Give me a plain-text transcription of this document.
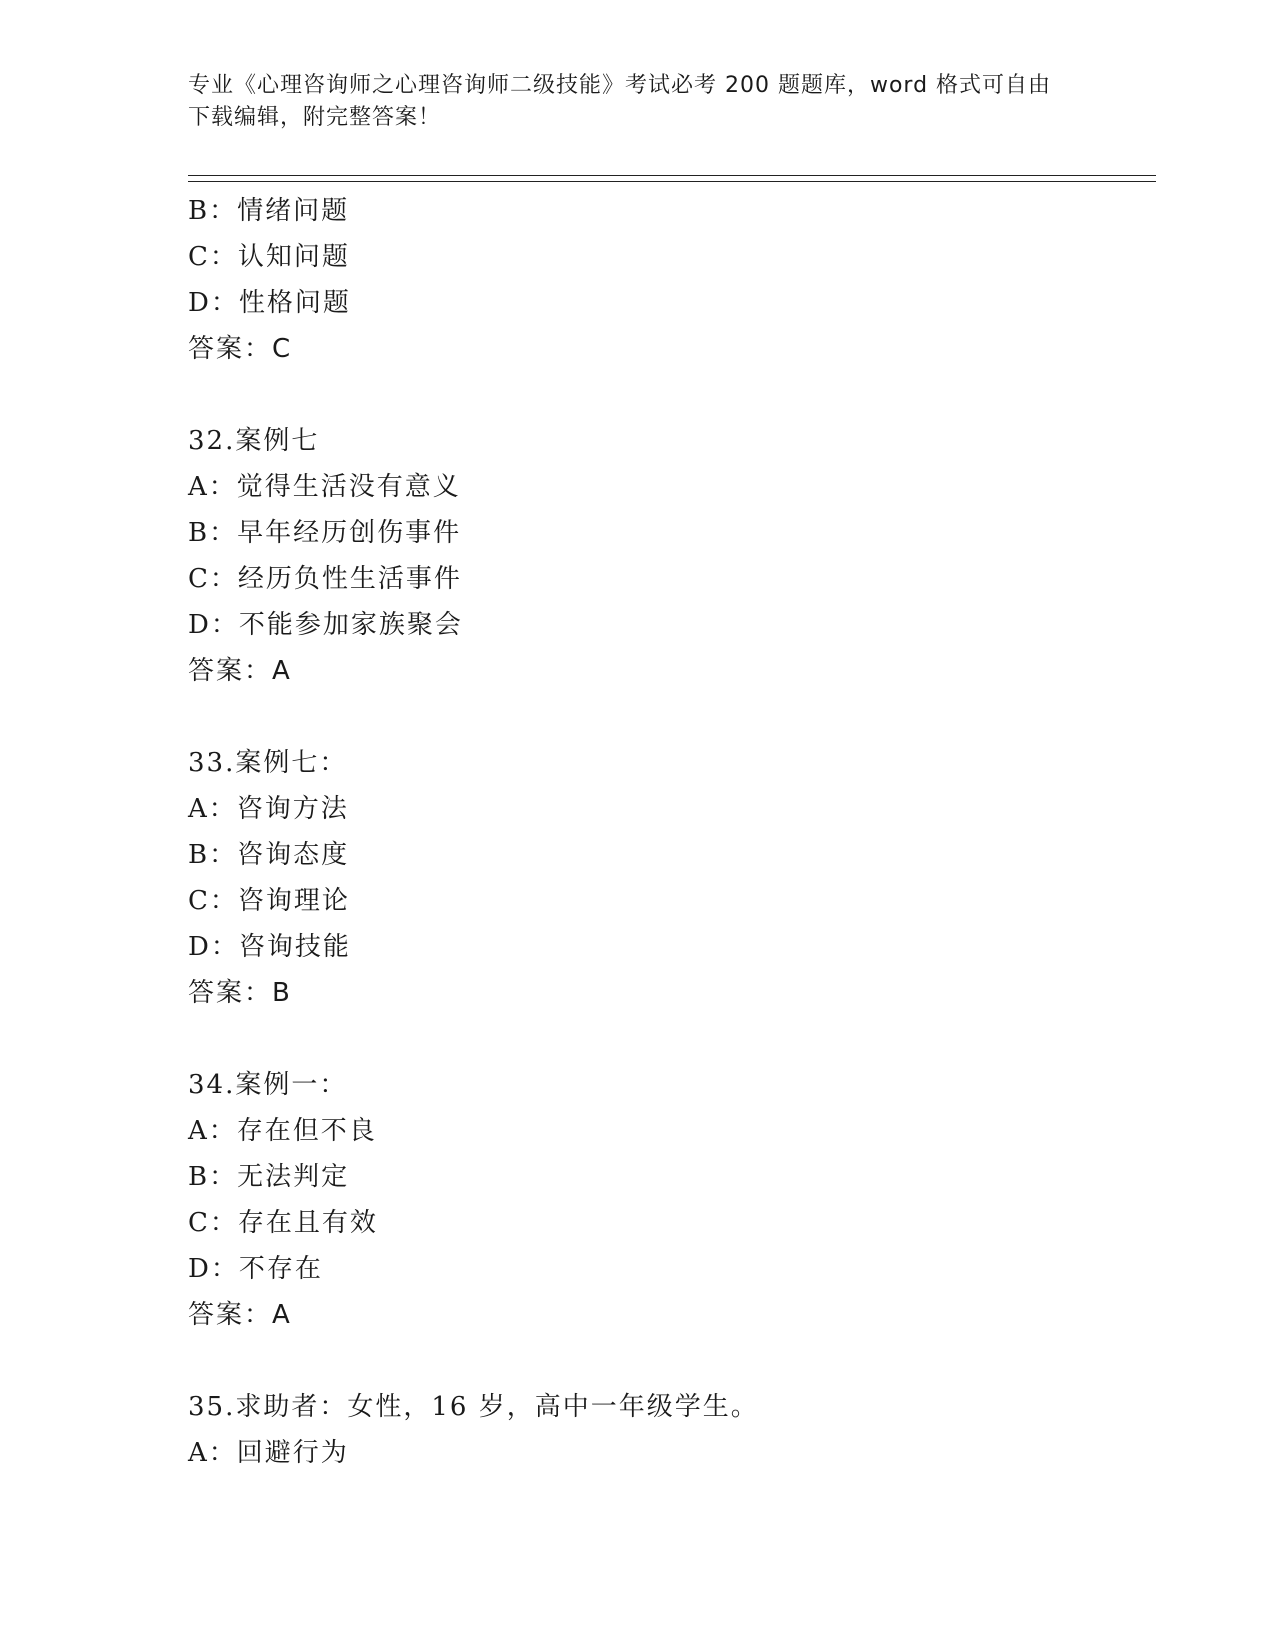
专业《心理咨询师之心理咨询师二级技能》考试必考 200 题题库，word 格式可自由下载编辑，附完整答案！
B：情绪问题
C：认知问题
D：性格问题
答案：C
32.案例七
A：觉得生活没有意义
B：早年经历创伤事件
C：经历负性生活事件
D：不能参加家族聚会
答案：A
33.案例七：
A：咨询方法
B：咨询态度
C：咨询理论
D：咨询技能
答案：B
34.案例一：
A：存在但不良
B：无法判定
C：存在且有效
D：不存在
答案：A
35.求助者：女性，16 岁，高中一年级学生。
A：回避行为
